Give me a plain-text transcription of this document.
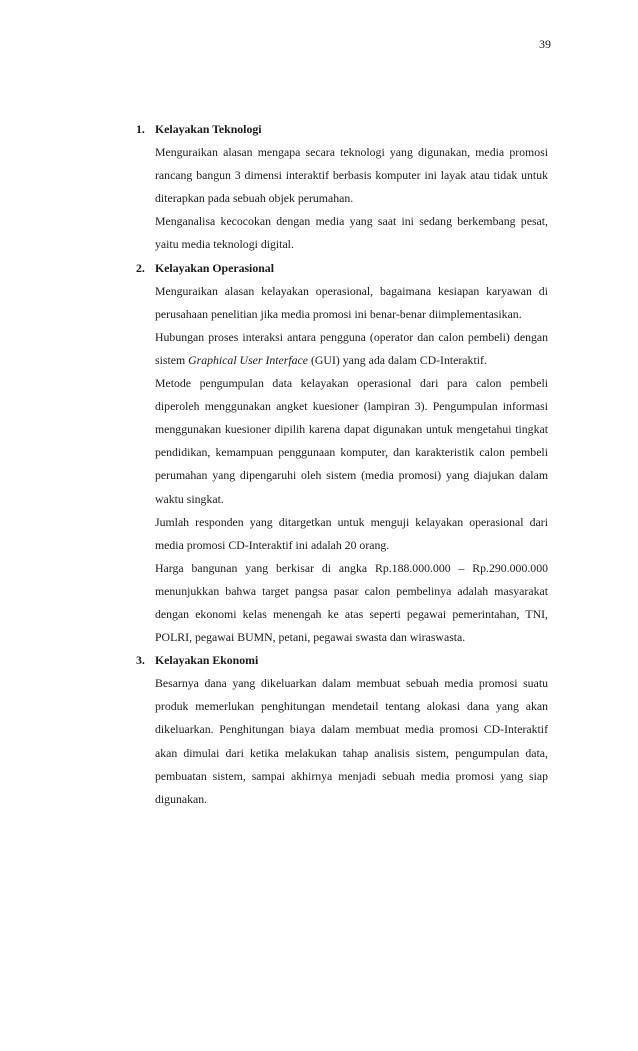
39
1. Kelayakan Teknologi

Menguraikan alasan mengapa secara teknologi yang digunakan, media promosi rancang bangun 3 dimensi interaktif berbasis komputer ini layak atau tidak untuk diterapkan pada sebuah objek perumahan.

Menganalisa kecocokan dengan media yang saat ini sedang berkembang pesat, yaitu media teknologi digital.

2. Kelayakan Operasional

Menguraikan alasan kelayakan operasional, bagaimana kesiapan karyawan di perusahaan penelitian jika media promosi ini benar-benar diimplementasikan.

Hubungan proses interaksi antara pengguna (operator dan calon pembeli) dengan sistem Graphical User Interface (GUI) yang ada dalam CD-Interaktif.

Metode pengumpulan data kelayakan operasional dari para calon pembeli diperoleh menggunakan angket kuesioner (lampiran 3). Pengumpulan informasi menggunakan kuesioner dipilih karena dapat digunakan untuk mengetahui tingkat pendidikan, kemampuan penggunaan komputer, dan karakteristik calon pembeli perumahan yang dipengaruhi oleh sistem (media promosi) yang diajukan dalam waktu singkat.

Jumlah responden yang ditargetkan untuk menguji kelayakan operasional dari media promosi CD-Interaktif ini adalah 20 orang.

Harga bangunan yang berkisar di angka Rp.188.000.000 – Rp.290.000.000 menunjukkan bahwa target pangsa pasar calon pembelinya adalah masyarakat dengan ekonomi kelas menengah ke atas seperti pegawai pemerintahan, TNI, POLRI, pegawai BUMN, petani, pegawai swasta dan wiraswasta.

3. Kelayakan Ekonomi

Besarnya dana yang dikeluarkan dalam membuat sebuah media promosi suatu produk memerlukan penghitungan mendetail tentang alokasi dana yang akan dikeluarkan. Penghitungan biaya dalam membuat media promosi CD-Interaktif akan dimulai dari ketika melakukan tahap analisis sistem, pengumpulan data, pembuatan sistem, sampai akhirnya menjadi sebuah media promosi yang siap digunakan.
